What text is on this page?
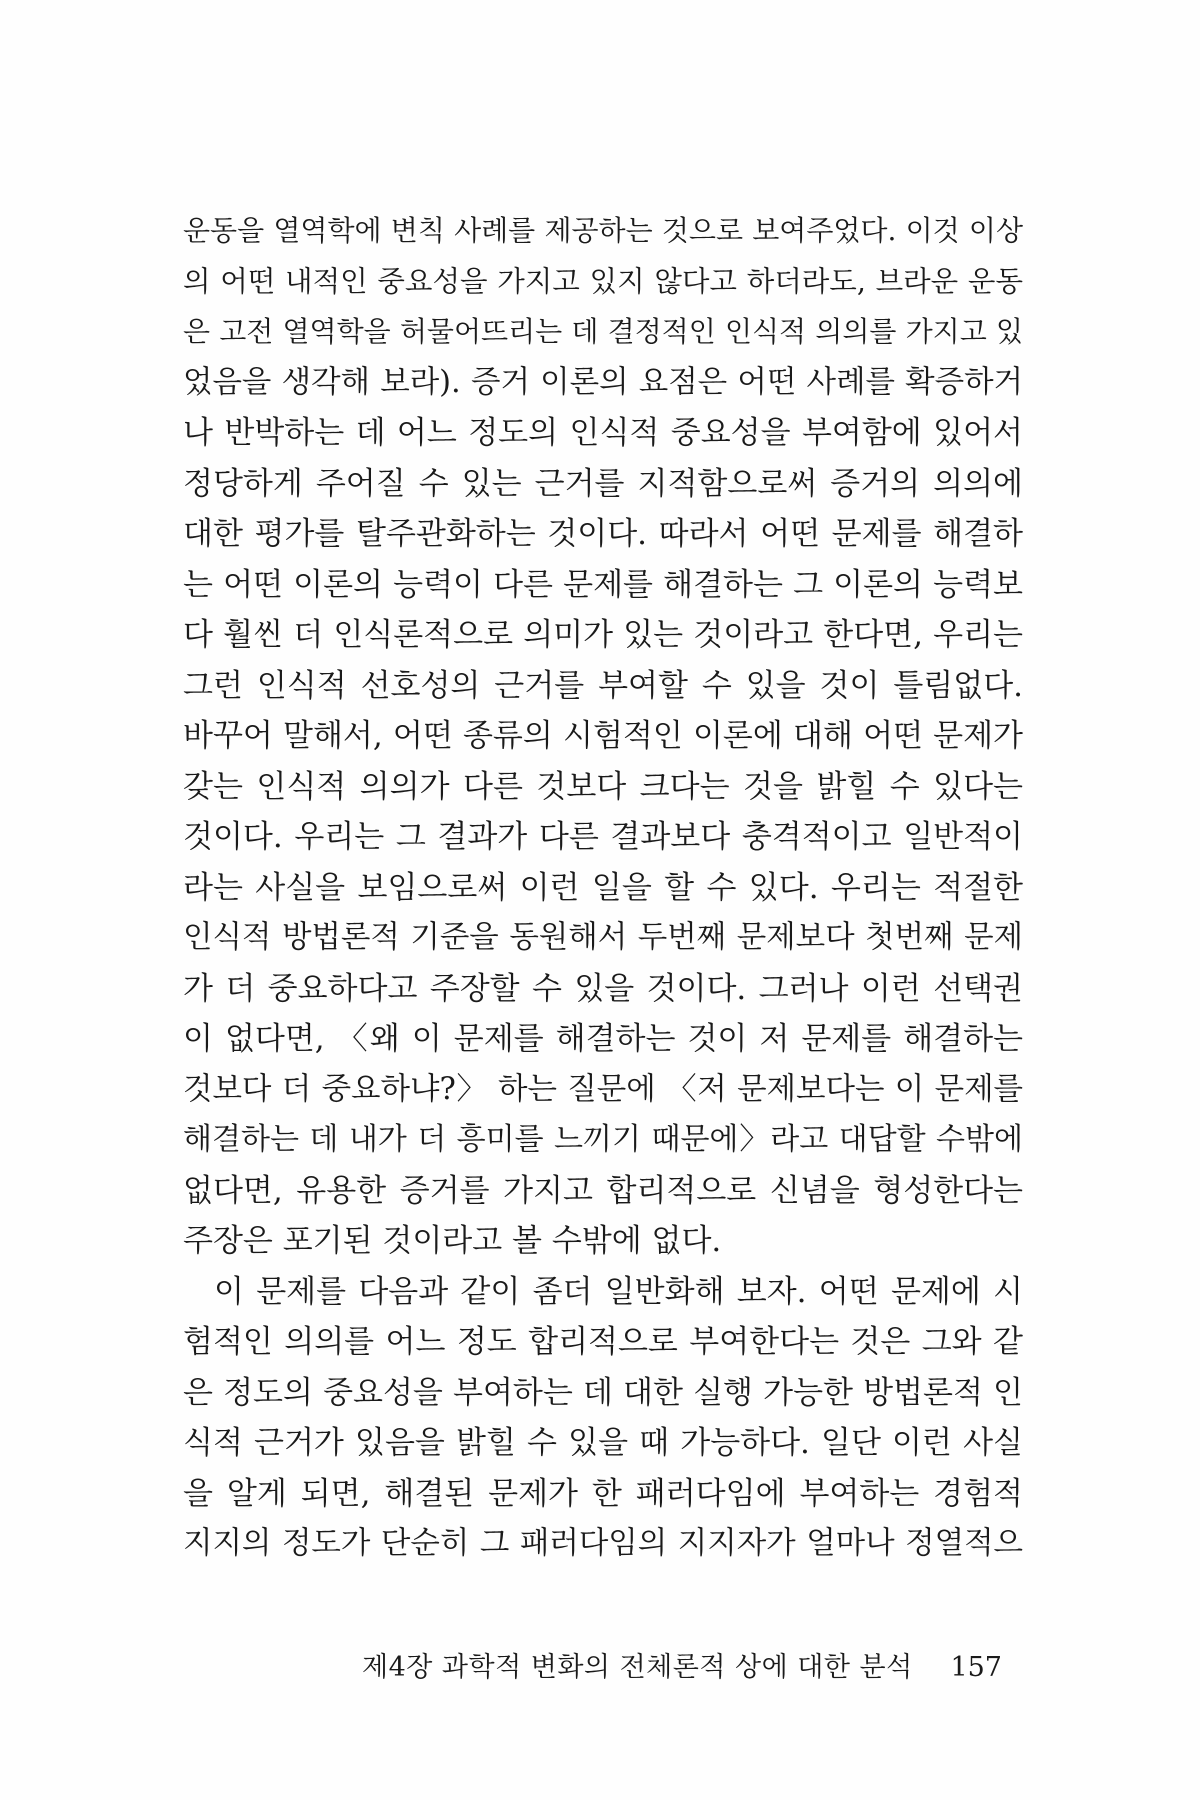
운동을 열역학에 변칙 사례를 제공하는 것으로 보여주었다. 이것 이상
의 어떤 내적인 중요성을 가지고 있지 않다고 하더라도, 브라운 운동
은 고전 열역학을 허물어뜨리는 데 결정적인 인식적 의의를 가지고 있
었음을 생각해 보라). 증거 이론의 요점은 어떤 사례를 확증하거
나 반박하는 데 어느 정도의 인식적 중요성을 부여함에 있어서
정당하게 주어질 수 있는 근거를 지적함으로써 증거의 의의에
대한 평가를 탈주관화하는 것이다. 따라서 어떤 문제를 해결하
는 어떤 이론의 능력이 다른 문제를 해결하는 그 이론의 능력보
다 훨씬 더 인식론적으로 의미가 있는 것이라고 한다면, 우리는
그런 인식적 선호성의 근거를 부여할 수 있을 것이 틀림없다.
바꾸어 말해서, 어떤 종류의 시험적인 이론에 대해 어떤 문제가
갖는 인식적 의의가 다른 것보다 크다는 것을 밝힐 수 있다는
것이다. 우리는 그 결과가 다른 결과보다 충격적이고 일반적이
라는 사실을 보임으로써 이런 일을 할 수 있다. 우리는 적절한
인식적 방법론적 기준을 동원해서 두번째 문제보다 첫번째 문제
가 더 중요하다고 주장할 수 있을 것이다. 그러나 이런 선택권
이 없다면, 〈왜 이 문제를 해결하는 것이 저 문제를 해결하는
것보다 더 중요하냐?〉 하는 질문에 〈저 문제보다는 이 문제를
해결하는 데 내가 더 흥미를 느끼기 때문에〉라고 대답할 수밖에
없다면, 유용한 증거를 가지고 합리적으로 신념을 형성한다는
주장은 포기된 것이라고 볼 수밖에 없다.
이 문제를 다음과 같이 좀더 일반화해 보자. 어떤 문제에 시
험적인 의의를 어느 정도 합리적으로 부여한다는 것은 그와 같
은 정도의 중요성을 부여하는 데 대한 실행 가능한 방법론적 인
식적 근거가 있음을 밝힐 수 있을 때 가능하다. 일단 이런 사실
을 알게 되면, 해결된 문제가 한 패러다임에 부여하는 경험적
지지의 정도가 단순히 그 패러다임의 지지자가 얼마나 정열적으
제4장 과학적 변화의 전체론적 상에 대한 분석 157
